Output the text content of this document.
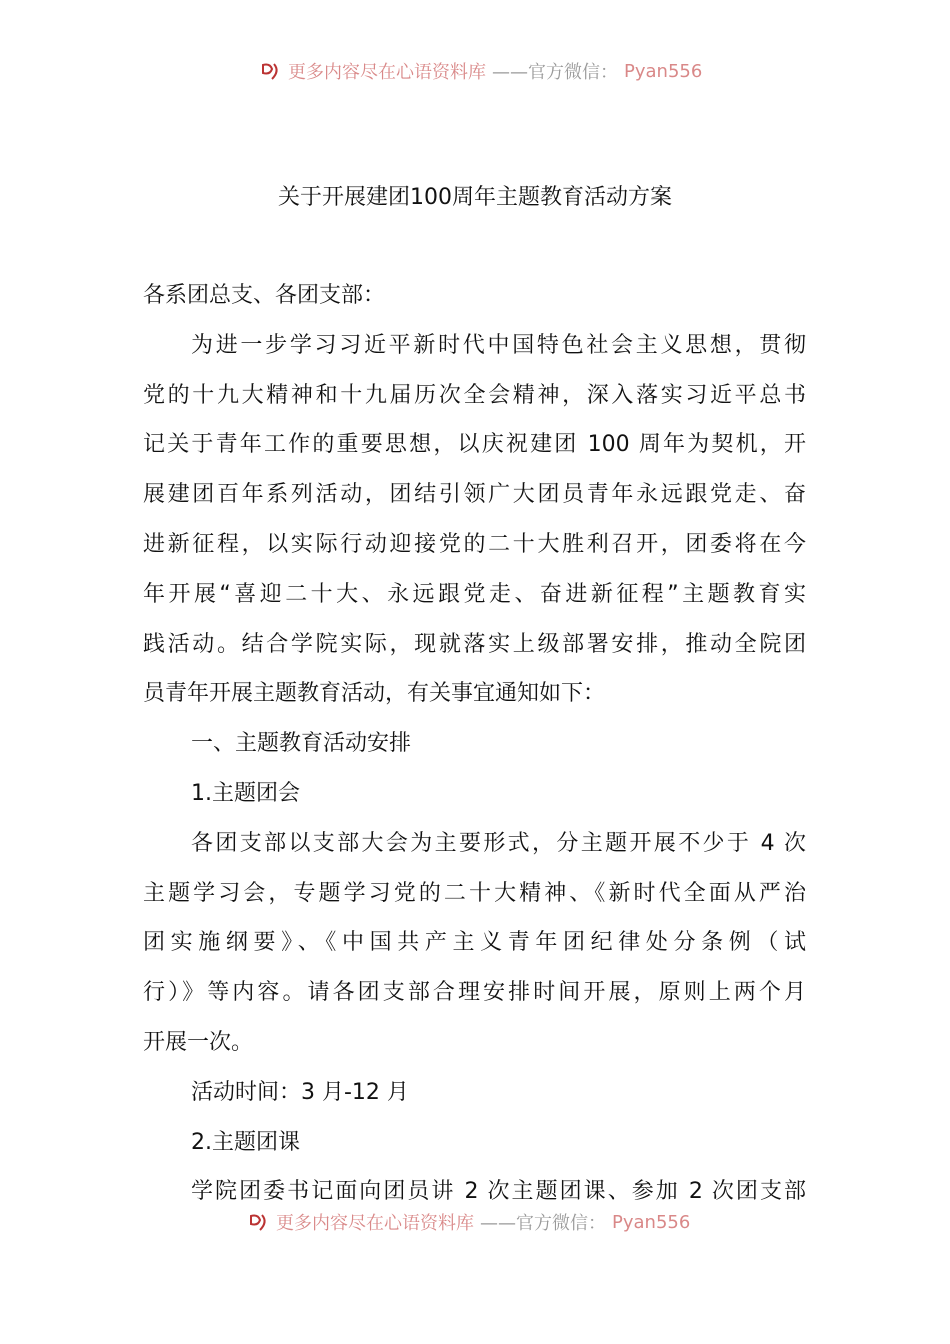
更多内容尽在心语资料库 ——官方微信： Pyan556
关于开展建团100周年主题教育活动方案
各系团总支、各团支部：
为进一步学习习近平新时代中国特色社会主义思想，贯彻
党的十九大精神和十九届历次全会精神，深入落实习近平总书
记关于青年工作的重要思想，以庆祝建团 100 周年为契机，开
展建团百年系列活动，团结引领广大团员青年永远跟党走、奋
进新征程，以实际行动迎接党的二十大胜利召开，团委将在今
年开展“喜迎二十大、永远跟党走、奋进新征程”主题教育实
践活动。结合学院实际，现就落实上级部署安排，推动全院团
员青年开展主题教育活动，有关事宜通知如下：
一、主题教育活动安排
1.主题团会
各团支部以支部大会为主要形式，分主题开展不少于 4 次
主题学习会，专题学习党的二十大精神、《新时代全面从严治
团实施纲要》、《中国共产主义青年团纪律处分条例（试
行）》等内容。请各团支部合理安排时间开展，原则上两个月
开展一次。
活动时间：3 月-12 月
2.主题团课
学院团委书记面向团员讲 2 次主题团课、参加 2 次团支部
更多内容尽在心语资料库 ——官方微信： Pyan556
